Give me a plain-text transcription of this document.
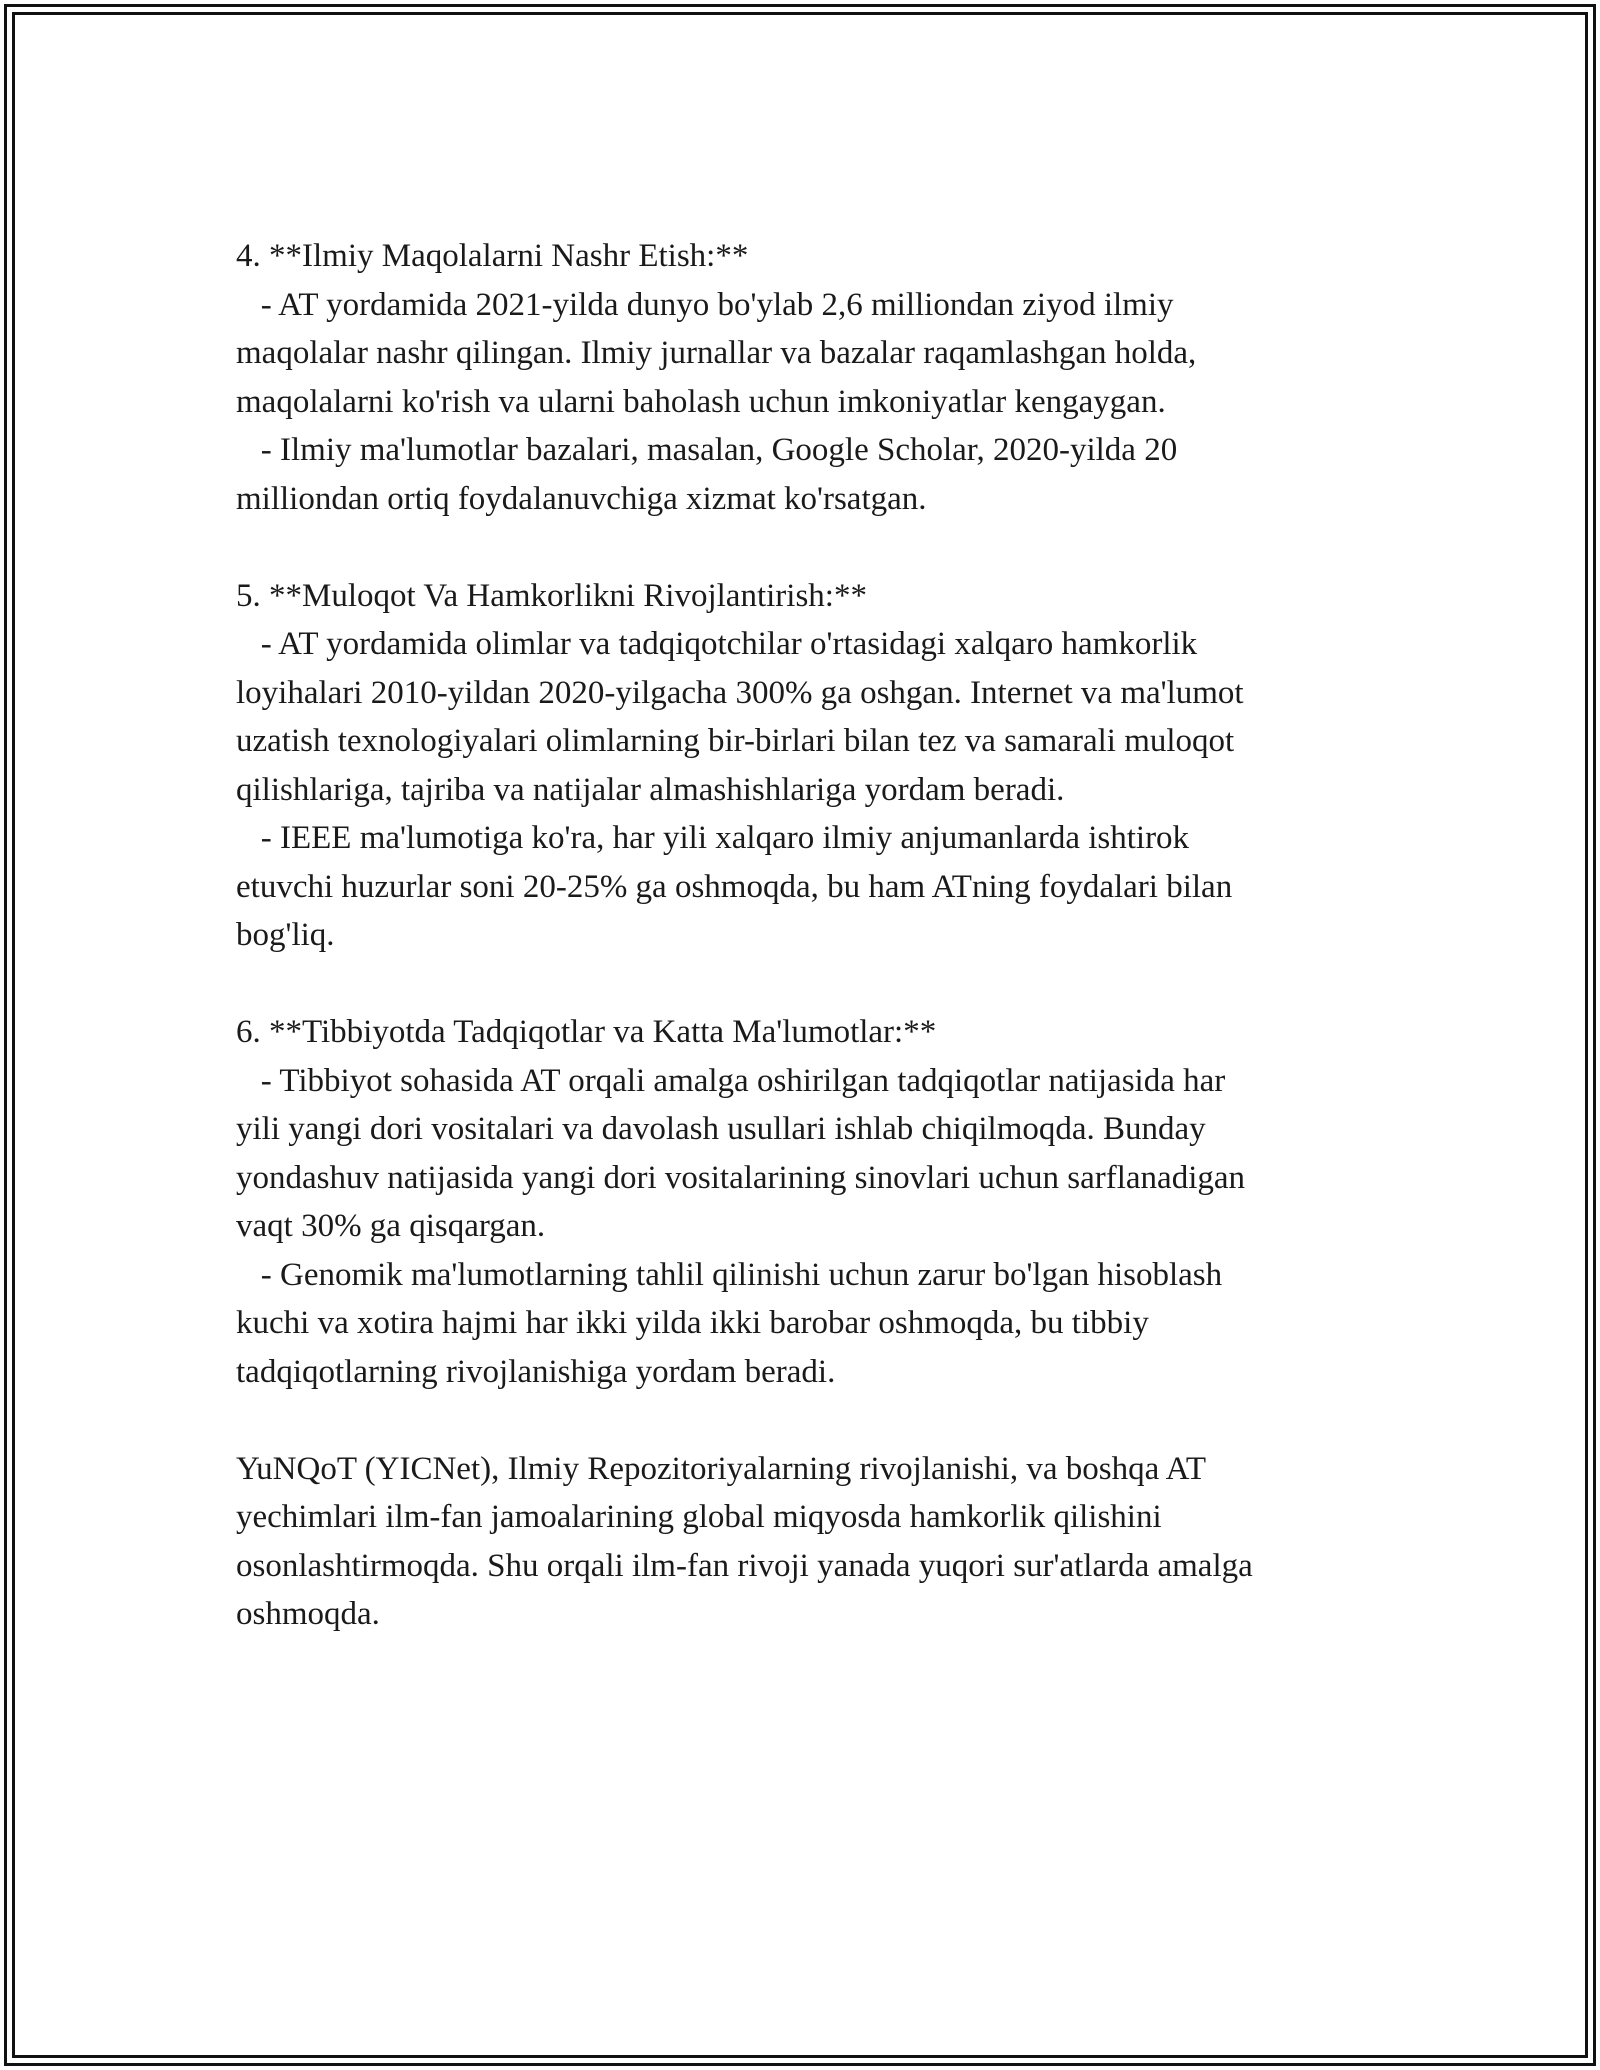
4. **Ilmiy Maqolalarni Nashr Etish:**
- AT yordamida 2021-yilda dunyo bo'ylab 2,6 milliondan ziyod ilmiy
maqolalar nashr qilingan. Ilmiy jurnallar va bazalar raqamlashgan holda,
maqolalarni ko'rish va ularni baholash uchun imkoniyatlar kengaygan.
- Ilmiy ma'lumotlar bazalari, masalan, Google Scholar, 2020-yilda 20
milliondan ortiq foydalanuvchiga xizmat ko'rsatgan.
5. **Muloqot Va Hamkorlikni Rivojlantirish:**
- AT yordamida olimlar va tadqiqotchilar o'rtasidagi xalqaro hamkorlik
loyihalari 2010-yildan 2020-yilgacha 300% ga oshgan. Internet va ma'lumot
uzatish texnologiyalari olimlarning bir-birlari bilan tez va samarali muloqot
qilishlariga, tajriba va natijalar almashishlariga yordam beradi.
- IEEE ma'lumotiga ko'ra, har yili xalqaro ilmiy anjumanlarda ishtirok
etuvchi huzurlar soni 20-25% ga oshmoqda, bu ham ATning foydalari bilan
bog'liq.
6. **Tibbiyotda Tadqiqotlar va Katta Ma'lumotlar:**
- Tibbiyot sohasida AT orqali amalga oshirilgan tadqiqotlar natijasida har
yili yangi dori vositalari va davolash usullari ishlab chiqilmoqda. Bunday
yondashuv natijasida yangi dori vositalarining sinovlari uchun sarflanadigan
vaqt 30% ga qisqargan.
- Genomik ma'lumotlarning tahlil qilinishi uchun zarur bo'lgan hisoblash
kuchi va xotira hajmi har ikki yilda ikki barobar oshmoqda, bu tibbiy
tadqiqotlarning rivojlanishiga yordam beradi.
YuNQoT (YICNet), Ilmiy Repozitoriyalarning rivojlanishi, va boshqa AT
yechimlari ilm-fan jamoalarining global miqyosda hamkorlik qilishini
osonlashtirmoqda. Shu orqali ilm-fan rivoji yanada yuqori sur'atlarda amalga
oshmoqda.
